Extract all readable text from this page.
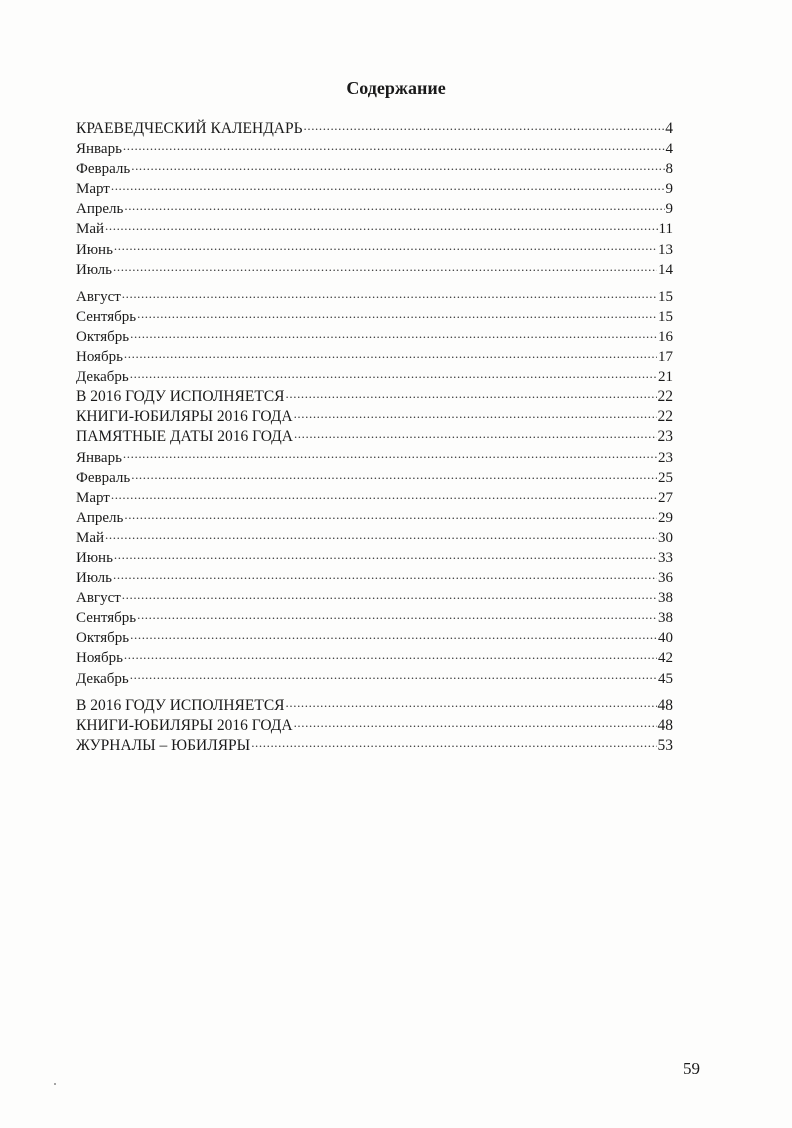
Содержание
КРАЕВЕДЧЕСКИЙ КАЛЕНДАРЬ .....	4
Январь .....	4
Февраль .....	8
Март .....	9
Апрель .....	9
Май .....	11
Июнь .....	13
Июль .....	14
Август .....	15
Сентябрь .....	15
Октябрь .....	16
Ноябрь .....	17
Декабрь .....	21
В 2016 ГОДУ ИСПОЛНЯЕТСЯ .....	22
КНИГИ-ЮБИЛЯРЫ 2016 ГОДА .....	22
ПАМЯТНЫЕ ДАТЫ 2016 ГОДА .....	23
Январь .....	23
Февраль .....	25
Март .....	27
Апрель .....	29
Май .....	30
Июнь .....	33
Июль .....	36
Август .....	38
Сентябрь .....	38
Октябрь .....	40
Ноябрь .....	42
Декабрь .....	45
В 2016 ГОДУ ИСПОЛНЯЕТСЯ .....	48
КНИГИ-ЮБИЛЯРЫ 2016 ГОДА .....	48
ЖУРНАЛЫ – ЮБИЛЯРЫ .....	53
59
